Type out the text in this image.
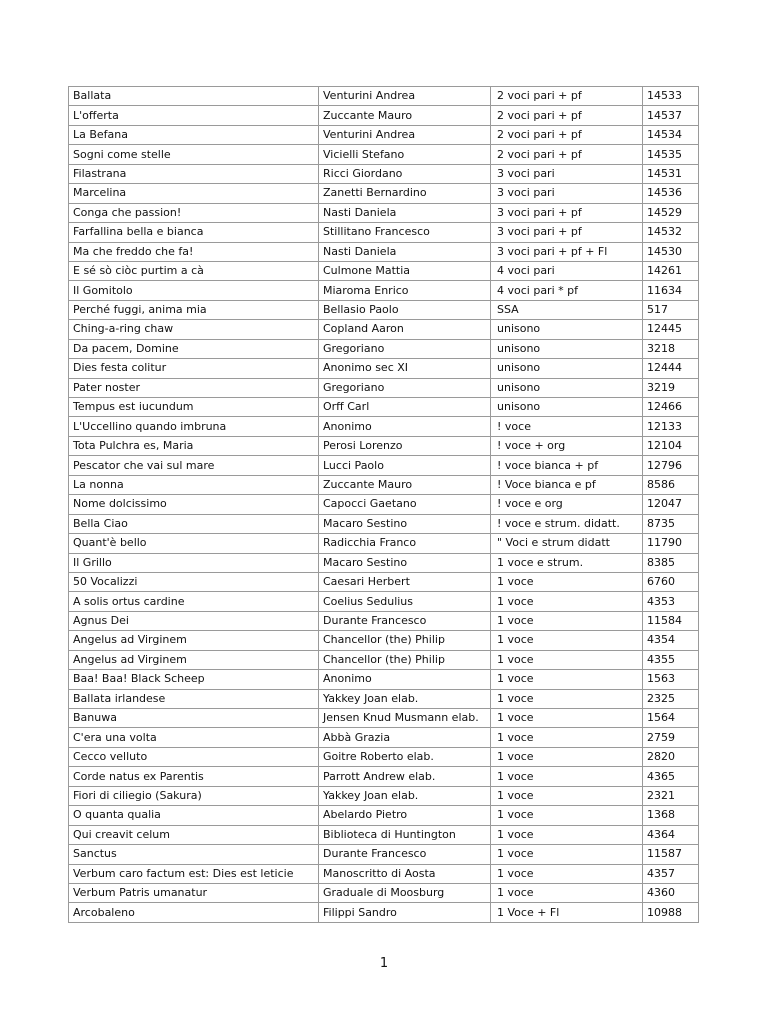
Ballata	Venturini Andrea	2 voci pari + pf	14533
L'offerta	Zuccante Mauro	2 voci pari + pf	14537
La Befana	Venturini Andrea	2 voci pari + pf	14534
Sogni come stelle	Vicielli Stefano	2 voci pari + pf	14535
Filastrana	Ricci Giordano	3 voci pari	14531
Marcelina	Zanetti Bernardino	3 voci pari	14536
Conga che passion!	Nasti Daniela	3 voci pari + pf	14529
Farfallina bella e bianca	Stillitano Francesco	3 voci pari + pf	14532
Ma che freddo che fa!	Nasti Daniela	3 voci pari + pf + Fl	14530
E sé sò ciòc purtim a cà	Culmone Mattia	4 voci pari	14261
Il Gomitolo	Miaroma Enrico	4 voci pari * pf	11634
Perché fuggi, anima mia	Bellasio Paolo	SSA	517
Ching-a-ring chaw	Copland Aaron	unisono	12445
Da pacem, Domine	Gregoriano	unisono	3218
Dies festa colitur	Anonimo sec XI	unisono	12444
Pater noster	Gregoriano	unisono	3219
Tempus est iucundum	Orff Carl	unisono	12466
L'Uccellino quando imbruna	Anonimo	! voce	12133
Tota Pulchra es, Maria	Perosi Lorenzo	! voce + org	12104
Pescator che vai sul mare	Lucci Paolo	! voce bianca + pf	12796
La nonna	Zuccante Mauro	! Voce bianca e pf	8586
Nome dolcissimo	Capocci Gaetano	! voce e org	12047
Bella Ciao	Macaro Sestino	! voce e strum. didatt.	8735
Quant'è bello	Radicchia Franco	" Voci e strum didatt	11790
Il Grillo	Macaro Sestino	1 voce e strum.	8385
50 Vocalizzi	Caesari Herbert	1 voce	6760
A solis ortus cardine	Coelius Sedulius	1 voce	4353
Agnus Dei	Durante Francesco	1 voce	11584
Angelus ad Virginem	Chancellor (the) Philip	1 voce	4354
Angelus ad Virginem	Chancellor (the) Philip	1 voce	4355
Baa! Baa! Black Scheep	Anonimo	1 voce	1563
Ballata irlandese	Yakkey Joan elab.	1 voce	2325
Banuwa	Jensen Knud Musmann elab.	1 voce	1564
C'era una volta	Abbà Grazia	1 voce	2759
Cecco velluto	Goitre Roberto elab.	1 voce	2820
Corde natus ex Parentis	Parrott Andrew elab.	1 voce	4365
Fiori di ciliegio (Sakura)	Yakkey Joan elab.	1 voce	2321
O quanta qualia	Abelardo Pietro	1 voce	1368
Qui creavit celum	Biblioteca di Huntington	1 voce	4364
Sanctus	Durante Francesco	1 voce	11587
Verbum caro factum est: Dies est leticie	Manoscritto di Aosta	1 voce	4357
Verbum Patris umanatur	Graduale di Moosburg	1 voce	4360
Arcobaleno	Filippi Sandro	1 Voce + Fl	10988
1
